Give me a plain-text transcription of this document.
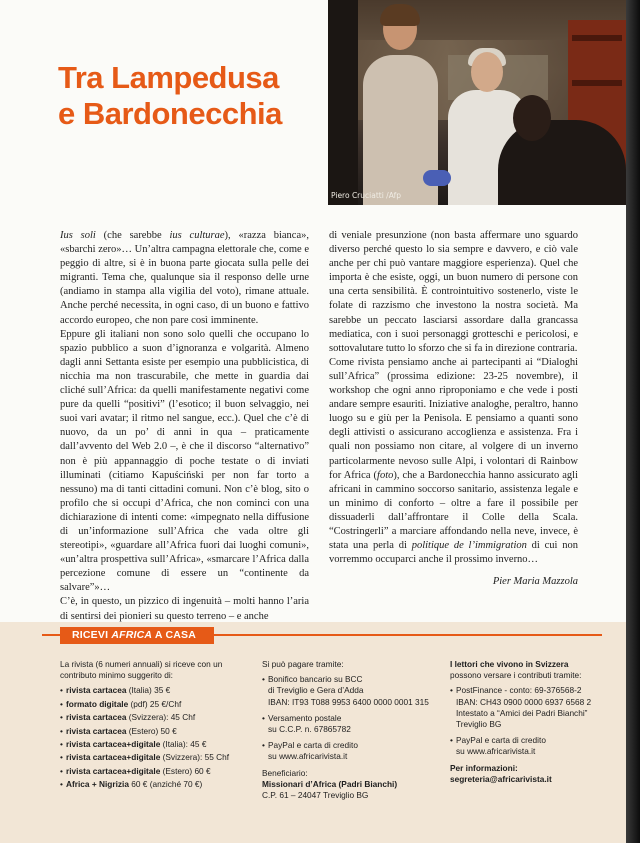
Piero Cruciatti /Afp
Tra Lampedusa
e Bardonecchia

Ius soli (che sarebbe ius culturae), «razza bianca», «sbarchi zero»… Un’altra campagna elettorale che, come e peggio di altre, si è in buona parte giocata sulla pelle dei migranti. Tema che, qualunque sia il responso delle urne (andiamo in stampa alla vigilia del voto), rimane attuale. Anche perché necessita, in ogni caso, di un buono e fattivo accordo europeo, che non pare così imminente.

Eppure gli italiani non sono solo quelli che occupano lo spazio pubblico a suon d’ignoranza e volgarità. Almeno dagli anni Settanta esiste per esempio una pubblicistica, di nicchia ma non trascurabile, che mette in guardia dai cliché sull’Africa: da quelli manifestamente negativi come pure da quelli “positivi” (l’esotico; il buon selvaggio, nei suoi vari avatar; il ritmo nel sangue, ecc.). Quel che c’è di nuovo, da un po’ di anni in qua – praticamente dall’avvento del Web 2.0 –, è che il discorso “alternativo” non è più appannaggio di poche testate o di inviati illuminati (citiamo Kapuściński per non far torto a nessuno) ma di tanti cittadini comuni. Non c’è blog, sito o profilo che si occupi d’Africa, che non cominci con una dichiarazione di intenti come: «impegnato nella diffusione di un’informazione sull’Africa che vada oltre gli stereotipi», «guardare all’Africa fuori dai luoghi comuni», «un’altra prospettiva sull’Africa», «smarcare l’Africa dalla percezione comune di essere un “continente da salvare”»…

C’è, in questo, un pizzico di ingenuità – molti hanno l’aria di sentirsi dei pionieri su questo terreno – e anche

di veniale presunzione (non basta affermare uno sguardo diverso perché questo lo sia sempre e davvero, e ciò vale anche per chi può vantare maggiore esperienza). Quel che importa è che esiste, oggi, un buon numero di persone con una certa sensibilità. È controintuitivo sostenerlo, viste le folate di razzismo che investono la nostra società. Ma sarebbe un peccato lasciarsi assordare dalla grancassa mediatica, con i suoi personaggi grotteschi e pericolosi, e sottovalutare tutto lo sforzo che si fa in direzione contraria.

Come rivista pensiamo anche ai partecipanti ai “Dialoghi sull’Africa” (prossima edizione: 23-25 novembre), il workshop che ogni anno riproponiamo e che vede i posti andare sempre esauriti. Iniziative analoghe, peraltro, hanno luogo su e giù per la Penisola. E pensiamo a quanti sono degli attivisti o assicurano accoglienza e assistenza. Fra i quali non possiamo non citare, al volgere di un inverno particolarmente nevoso sulle Alpi, i volontari di Rainbow for Africa (foto), che a Bardonecchia hanno assicurato agli africani in cammino soccorso sanitario, assistenza legale e un minimo di conforto – oltre a fare il possibile per dissuaderli dall’affrontare il Colle della Scala. “Costringerli” a marciare affondando nella neve, invece, è stata una perla di politique de l’immigration di cui non vorremmo occuparci anche il prossimo inverno…

Pier Maria Mazzola
RICEVI AFRICA A CASA
La rivista (6 numeri annuali) si riceve con un contributo minimo suggerito di:
• rivista cartacea (Italia) 35 €
• formato digitale (pdf) 25 €/Chf
• rivista cartacea (Svizzera): 45 Chf
• rivista cartacea (Estero) 50 €
• rivista cartacea+digitale (Italia): 45 €
• rivista cartacea+digitale (Svizzera): 55 Chf
• rivista cartacea+digitale (Estero) 60 €
• Africa + Nigrizia 60 € (anziché 70 €)
Si può pagare tramite:
• Bonifico bancario su BCC
di Treviglio e Gera d’Adda
IBAN: IT93 T088 9953 6400 0000 0001 315
• Versamento postale
su C.C.P. n. 67865782
• PayPal e carta di credito
su www.africarivista.it
Beneficiario:
Missionari d’Africa (Padri Bianchi)
C.P. 61 – 24047 Treviglio BG
I lettori che vivono in Svizzera
possono versare i contributi tramite:
• PostFinance - conto: 69-376568-2
IBAN: CH43 0900 0000 6937 6568 2
Intestato a “Amici dei Padri Bianchi”
Treviglio BG
• PayPal e carta di credito
su www.africarivista.it
Per informazioni:
segreteria@africarivista.it
